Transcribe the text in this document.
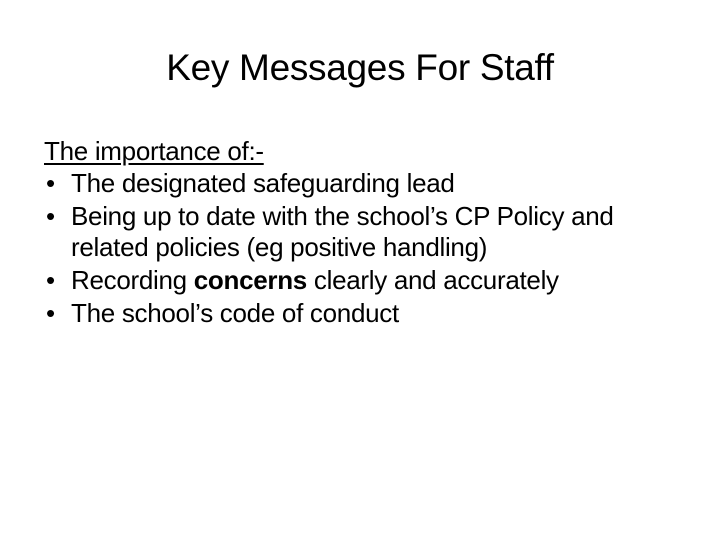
Key Messages For Staff
The importance of:-
• The designated safeguarding lead
• Being up to date with the school’s CP Policy and related policies (eg positive handling)
• Recording concerns clearly and accurately
• The school’s code of conduct
